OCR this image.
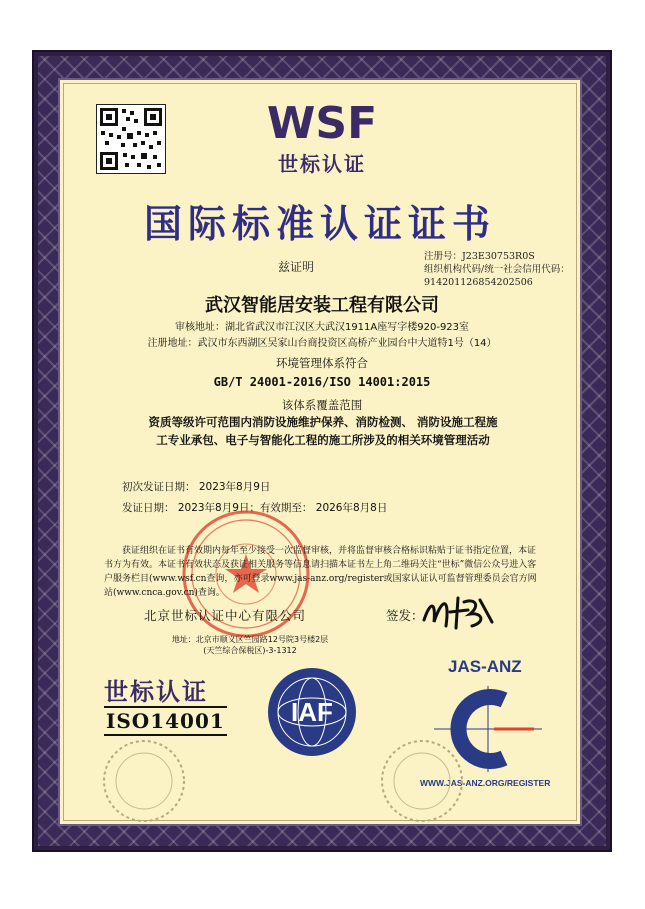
WSF
世标认证
国际标准认证证书
注册号：J23E30753R0S
组织机构代码/统一社会信用代码：
914201126854202506
兹证明
武汉智能居安装工程有限公司
审核地址：湖北省武汉市江汉区大武汉1911A座写字楼920-923室
注册地址：武汉市东西湖区吴家山台商投资区高桥产业园台中大道特1号（14）
环境管理体系符合
GB/T 24001-2016/ISO 14001:2015
该体系覆盖范围
资质等级许可范围内消防设施维护保养、消防检测、 消防设施工程施
工专业承包、电子与智能化工程的施工所涉及的相关环境管理活动
初次发证日期： 2023年8月9日
发证日期： 2023年8月9日；有效期至： 2026年8月8日
获证组织在证书有效期内每年至少接受一次监督审核，并将监督审核合格标识粘贴于证书指定位置，本证书方为有效。本证书有效状态及获证相关服务等信息请扫描本证书左上角二维码关注“世标”微信公众号进入客户服务栏目(www.wsf.cn查询，亦可登录www.jas-anz.org/register或国家认证认可监督管理委员会官方网站(www.cnca.gov.cn)查询。
北京世标认证中心有限公司
地址：北京市顺义区竺园路12号院3号楼2层
(天竺综合保税区)-3-1312
签发：
世标认证
ISO14001	IAF
JAS-ANZ
WWW.JAS-ANZ.ORG/REGISTER
